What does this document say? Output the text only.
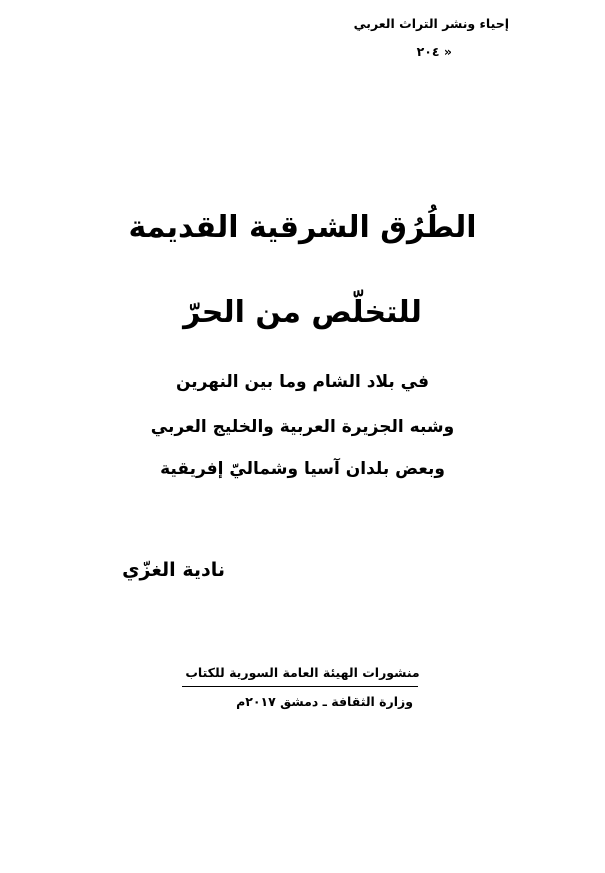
إحياء ونشر التراث العربي
« ٢٠٤
الطُرُق الشرقية القديمة
للتخلّص من الحرّ
في بلاد الشام وما بين النهرين
وشبه الجزيرة العربية والخليج العربي
وبعض بلدان آسيا وشماليّ إفريقية
نادية الغزّي
منشورات الهيئة العامة السورية للكتاب
وزارة الثقافة ـ دمشق ٢٠١٧م
